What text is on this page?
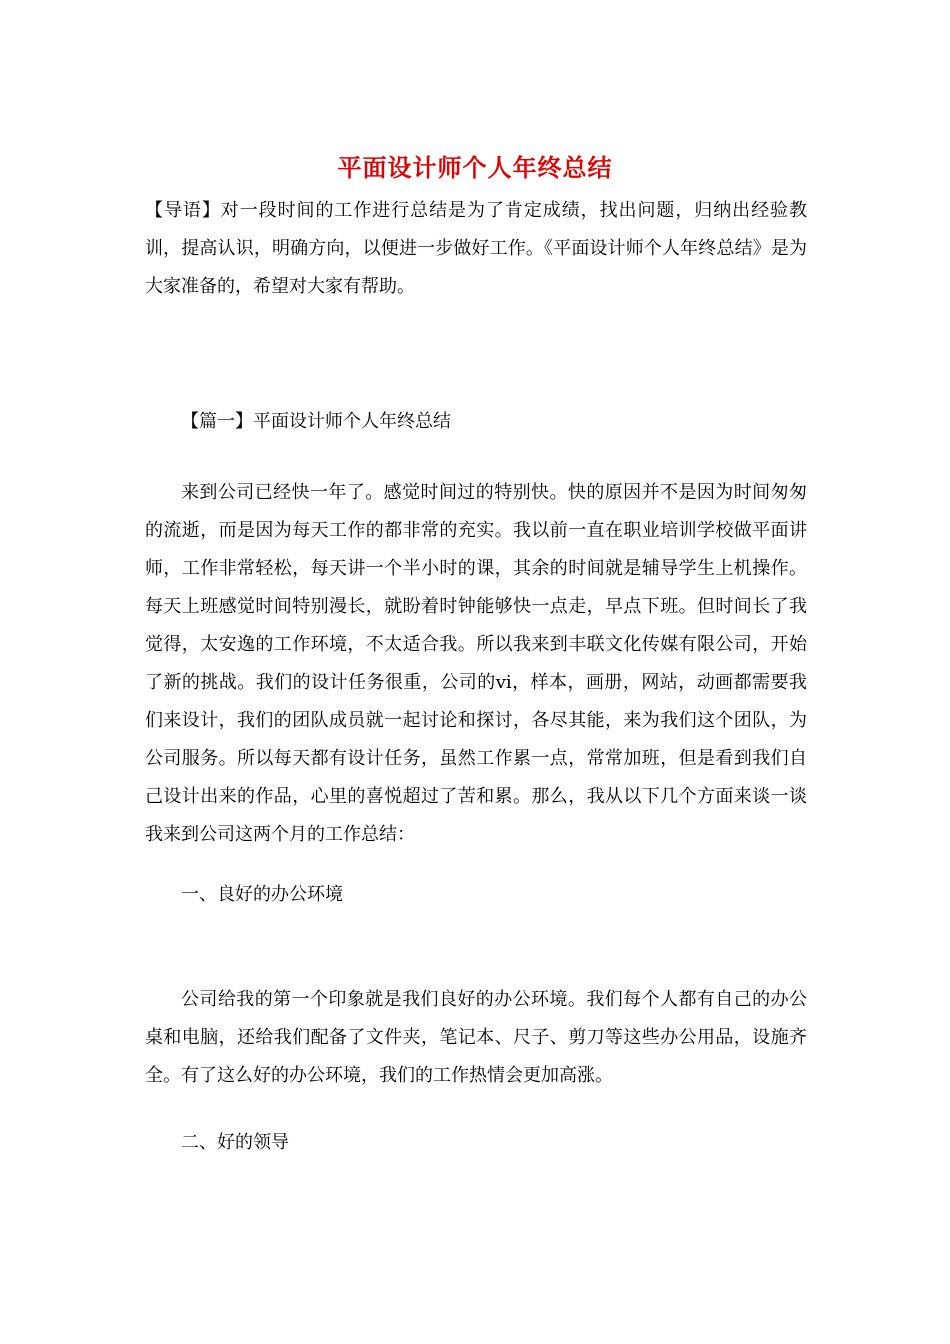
平面设计师个人年终总结

【导语】对一段时间的工作进行总结是为了肯定成绩，找出问题，归纳出经验教训，提高认识，明确方向，以便进一步做好工作。《平面设计师个人年终总结》是为大家准备的，希望对大家有帮助。

【篇一】平面设计师个人年终总结

来到公司已经快一年了。感觉时间过的特别快。快的原因并不是因为时间匆匆的流逝，而是因为每天工作的都非常的充实。我以前一直在职业培训学校做平面讲师，工作非常轻松，每天讲一个半小时的课，其余的时间就是辅导学生上机操作。每天上班感觉时间特别漫长，就盼着时钟能够快一点走，早点下班。但时间长了我觉得，太安逸的工作环境，不太适合我。所以我来到丰联文化传媒有限公司，开始了新的挑战。我们的设计任务很重，公司的vi，样本，画册，网站，动画都需要我们来设计，我们的团队成员就一起讨论和探讨，各尽其能，来为我们这个团队，为公司服务。所以每天都有设计任务，虽然工作累一点，常常加班，但是看到我们自己设计出来的作品，心里的喜悦超过了苦和累。那么，我从以下几个方面来谈一谈我来到公司这两个月的工作总结：

一、良好的办公环境

公司给我的第一个印象就是我们良好的办公环境。我们每个人都有自己的办公桌和电脑，还给我们配备了文件夹，笔记本、尺子、剪刀等这些办公用品，设施齐全。有了这么好的办公环境，我们的工作热情会更加高涨。

二、好的领导
